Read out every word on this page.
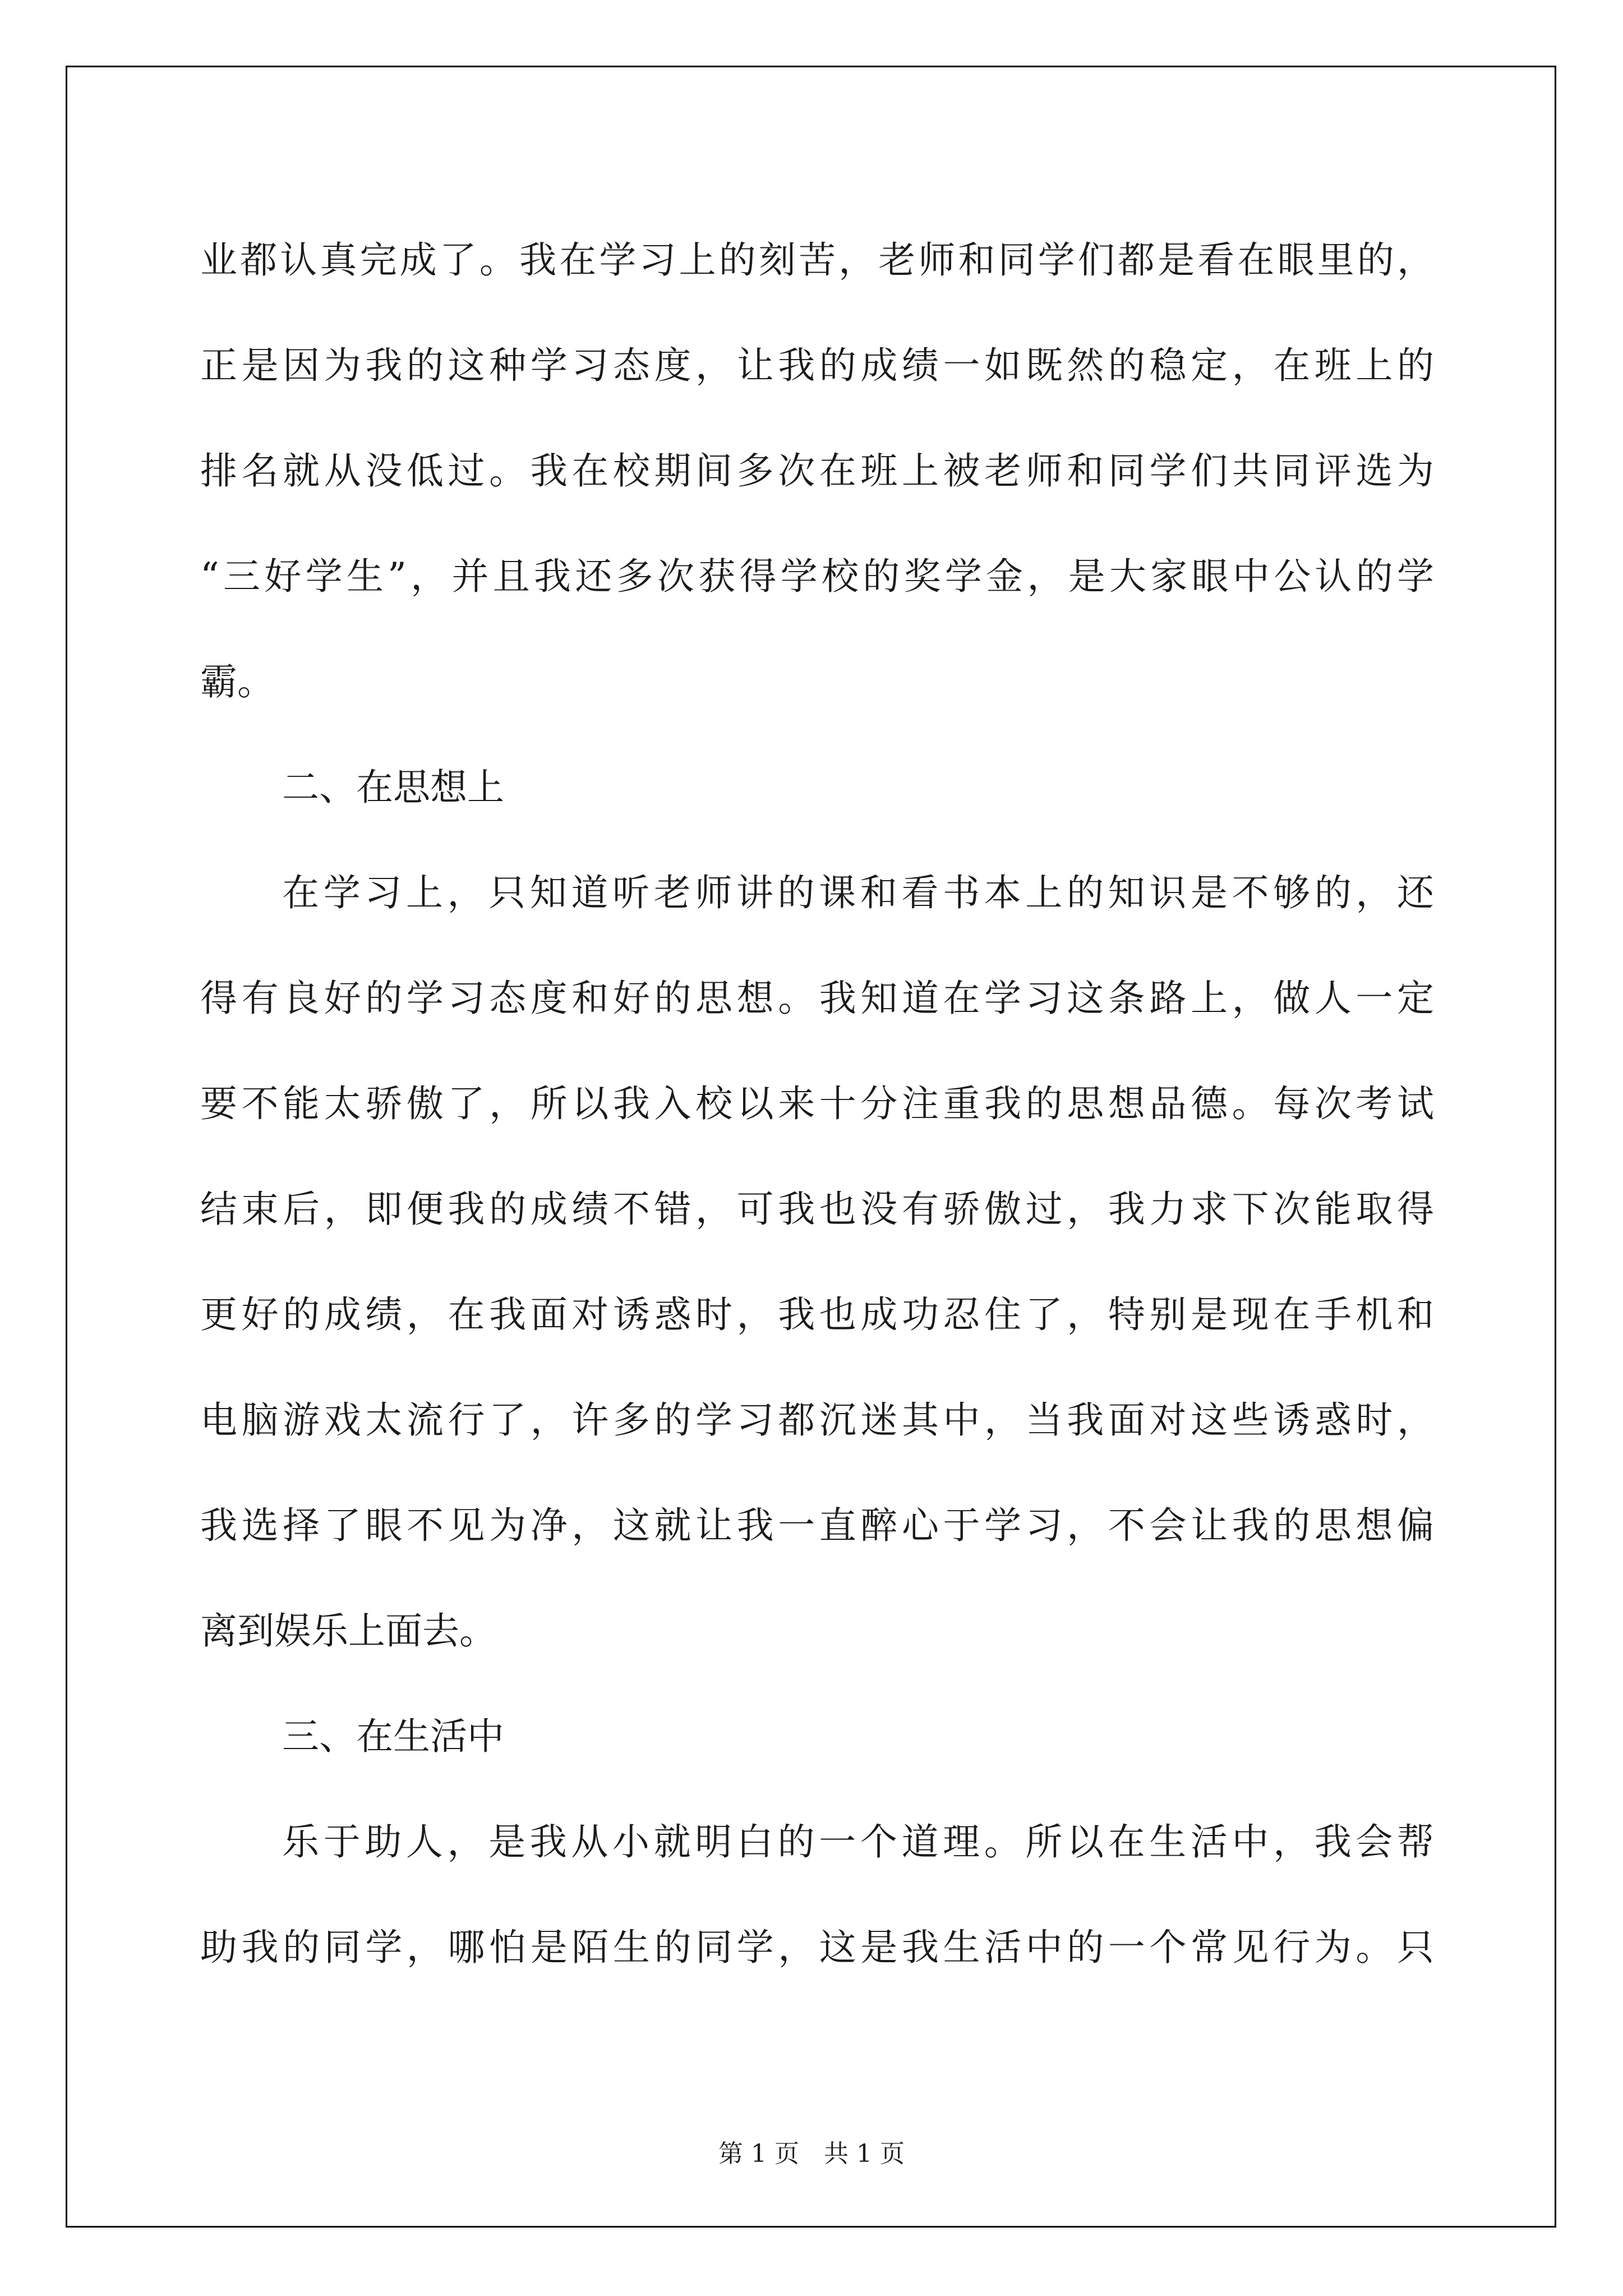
业都认真完成了。我在学习上的刻苦，老师和同学们都是看在眼里的，
正是因为我的这种学习态度，让我的成绩一如既然的稳定，在班上的
排名就从没低过。我在校期间多次在班上被老师和同学们共同评选为
“三好学生”，并且我还多次获得学校的奖学金，是大家眼中公认的学
霸。
二、在思想上
在学习上，只知道听老师讲的课和看书本上的知识是不够的，还
得有良好的学习态度和好的思想。我知道在学习这条路上，做人一定
要不能太骄傲了，所以我入校以来十分注重我的思想品德。每次考试
结束后，即便我的成绩不错，可我也没有骄傲过，我力求下次能取得
更好的成绩，在我面对诱惑时，我也成功忍住了，特别是现在手机和
电脑游戏太流行了，许多的学习都沉迷其中，当我面对这些诱惑时，
我选择了眼不见为净，这就让我一直醉心于学习，不会让我的思想偏
离到娱乐上面去。
三、在生活中
乐于助人，是我从小就明白的一个道理。所以在生活中，我会帮
助我的同学，哪怕是陌生的同学，这是我生活中的一个常见行为。只
第 1 页　共 1 页
